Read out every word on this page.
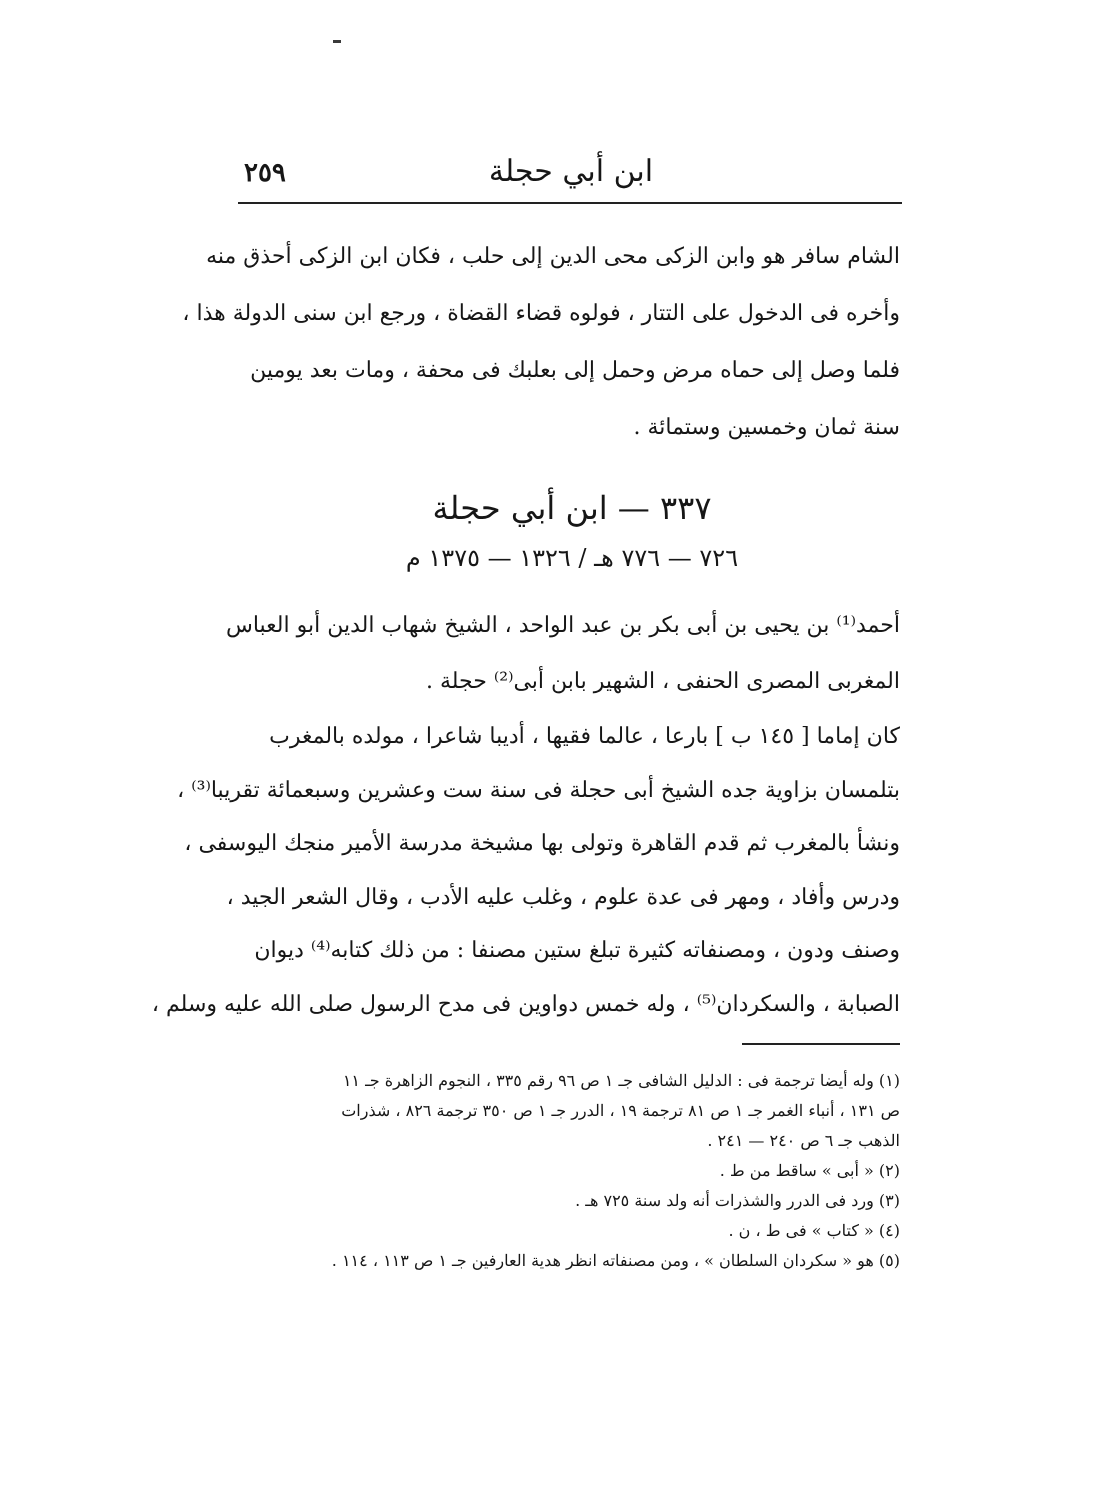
ابن أبي حجلة
٢٥٩
الشام سافر هو وابن الزكى محى الدين إلى حلب ، فكان ابن الزكى أحذق منه
وأخره فى الدخول على التتار ، فولوه قضاء القضاة ، ورجع ابن سنى الدولة هذا ،
فلما وصل إلى حماه مرض وحمل إلى بعلبك فى محفة ، ومات بعد يومين
سنة ثمان وخمسين وستمائة .
٣٣٧ — ابن أبي حجلة
٧٢٦ — ٧٧٦ هـ / ١٣٢٦ — ١٣٧٥ م
أحمد⁽¹⁾ بن يحيى بن أبى بكر بن عبد الواحد ، الشيخ شهاب الدين أبو العباس
المغربى المصرى الحنفى ، الشهير بابن أبى⁽²⁾ حجلة .
كان إماما [ ١٤٥ ب ] بارعا ، عالما فقيها ، أديبا شاعرا ، مولده بالمغرب
بتلمسان بزاوية جده الشيخ أبى حجلة فى سنة ست وعشرين وسبعمائة تقريبا⁽³⁾ ،
ونشأ بالمغرب ثم قدم القاهرة وتولى بها مشيخة مدرسة الأمير منجك اليوسفى ،
ودرس وأفاد ، ومهر فى عدة علوم ، وغلب عليه الأدب ، وقال الشعر الجيد ،
وصنف ودون ، ومصنفاته كثيرة تبلغ ستين مصنفا : من ذلك كتابه⁽⁴⁾ ديوان
الصبابة ، والسكردان⁽⁵⁾ ، وله خمس دواوين فى مدح الرسول صلى الله عليه وسلم ،
(١) وله أيضا ترجمة فى : الدليل الشافى جـ ١ ص ٩٦ رقم ٣٣٥ ، النجوم الزاهرة جـ ١١
ص ١٣١ ، أنباء الغمر جـ ١ ص ٨١ ترجمة ١٩ ، الدرر جـ ١ ص ٣٥٠ ترجمة ٨٢٦ ، شذرات
الذهب جـ ٦ ص ٢٤٠ — ٢٤١ .
(٢) « أبى » ساقط من ط .
(٣) ورد فى الدرر والشذرات أنه ولد سنة ٧٢٥ هـ .
(٤) « كتاب » فى ط ، ن .
(٥) هو « سكردان السلطان » ، ومن مصنفاته انظر هدية العارفين جـ ١ ص ١١٣ ، ١١٤ .
